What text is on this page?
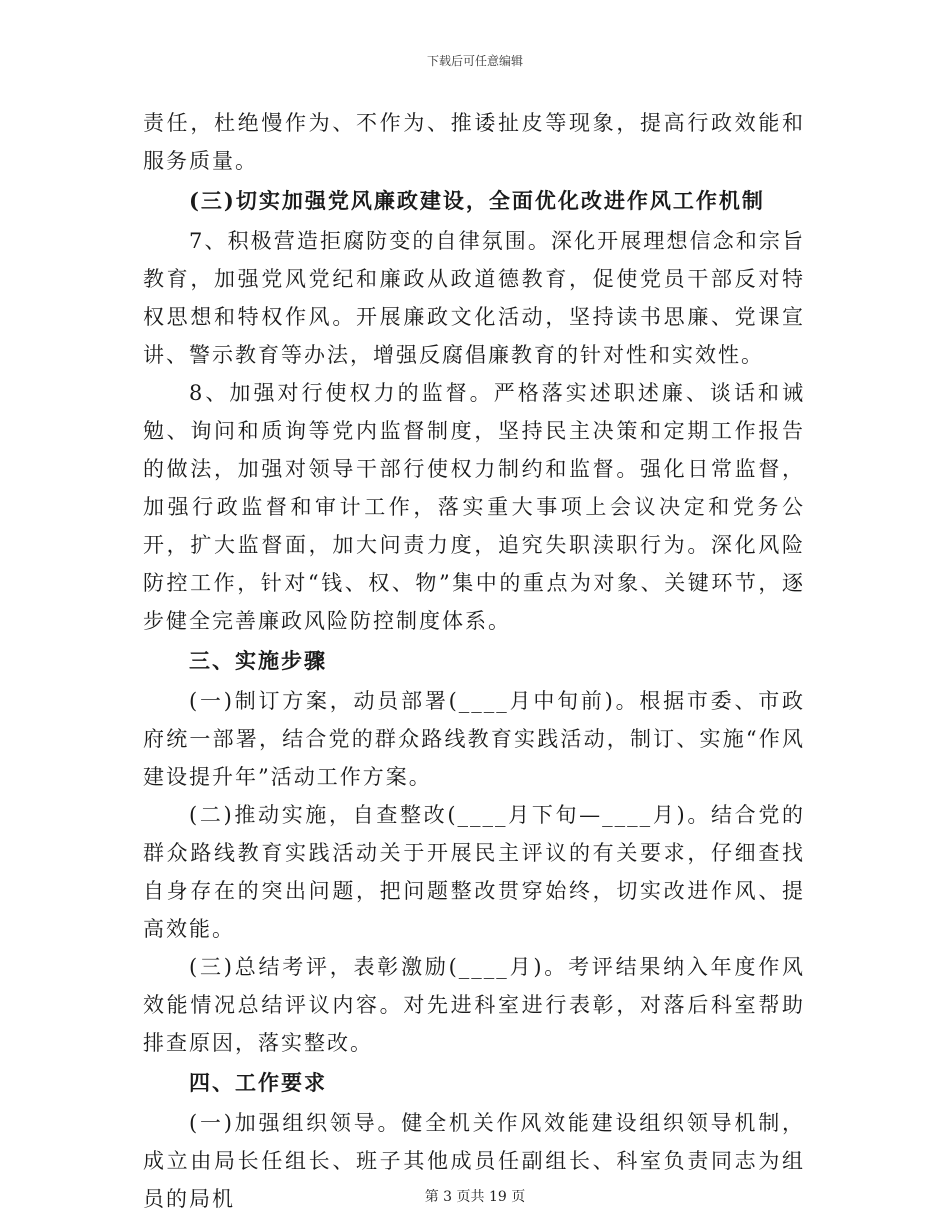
下载后可任意编辑

责任，杜绝慢作为、不作为、推诿扯皮等现象，提高行政效能和服务质量。

(三)切实加强党风廉政建设，全面优化改进作风工作机制

7、积极营造拒腐防变的自律氛围。深化开展理想信念和宗旨教育，加强党风党纪和廉政从政道德教育，促使党员干部反对特权思想和特权作风。开展廉政文化活动，坚持读书思廉、党课宣讲、警示教育等办法，增强反腐倡廉教育的针对性和实效性。

8、加强对行使权力的监督。严格落实述职述廉、谈话和诫勉、询问和质询等党内监督制度，坚持民主决策和定期工作报告的做法，加强对领导干部行使权力制约和监督。强化日常监督，加强行政监督和审计工作，落实重大事项上会议决定和党务公开，扩大监督面，加大问责力度，追究失职渎职行为。深化风险防控工作，针对“钱、权、物”集中的重点为对象、关键环节，逐步健全完善廉政风险防控制度体系。

三、实施步骤

(一)制订方案，动员部署(____月中旬前)。根据市委、市政府统一部署，结合党的群众路线教育实践活动，制订、实施“作风建设提升年”活动工作方案。

(二)推动实施，自查整改(____月下旬—____月)。结合党的群众路线教育实践活动关于开展民主评议的有关要求，仔细查找自身存在的突出问题，把问题整改贯穿始终，切实改进作风、提高效能。

(三)总结考评，表彰激励(____月)。考评结果纳入年度作风效能情况总结评议内容。对先进科室进行表彰，对落后科室帮助排查原因，落实整改。

四、工作要求

(一)加强组织领导。健全机关作风效能建设组织领导机制，成立由局长任组长、班子其他成员任副组长、科室负责同志为组员的局机	第 3 页共 19 页
